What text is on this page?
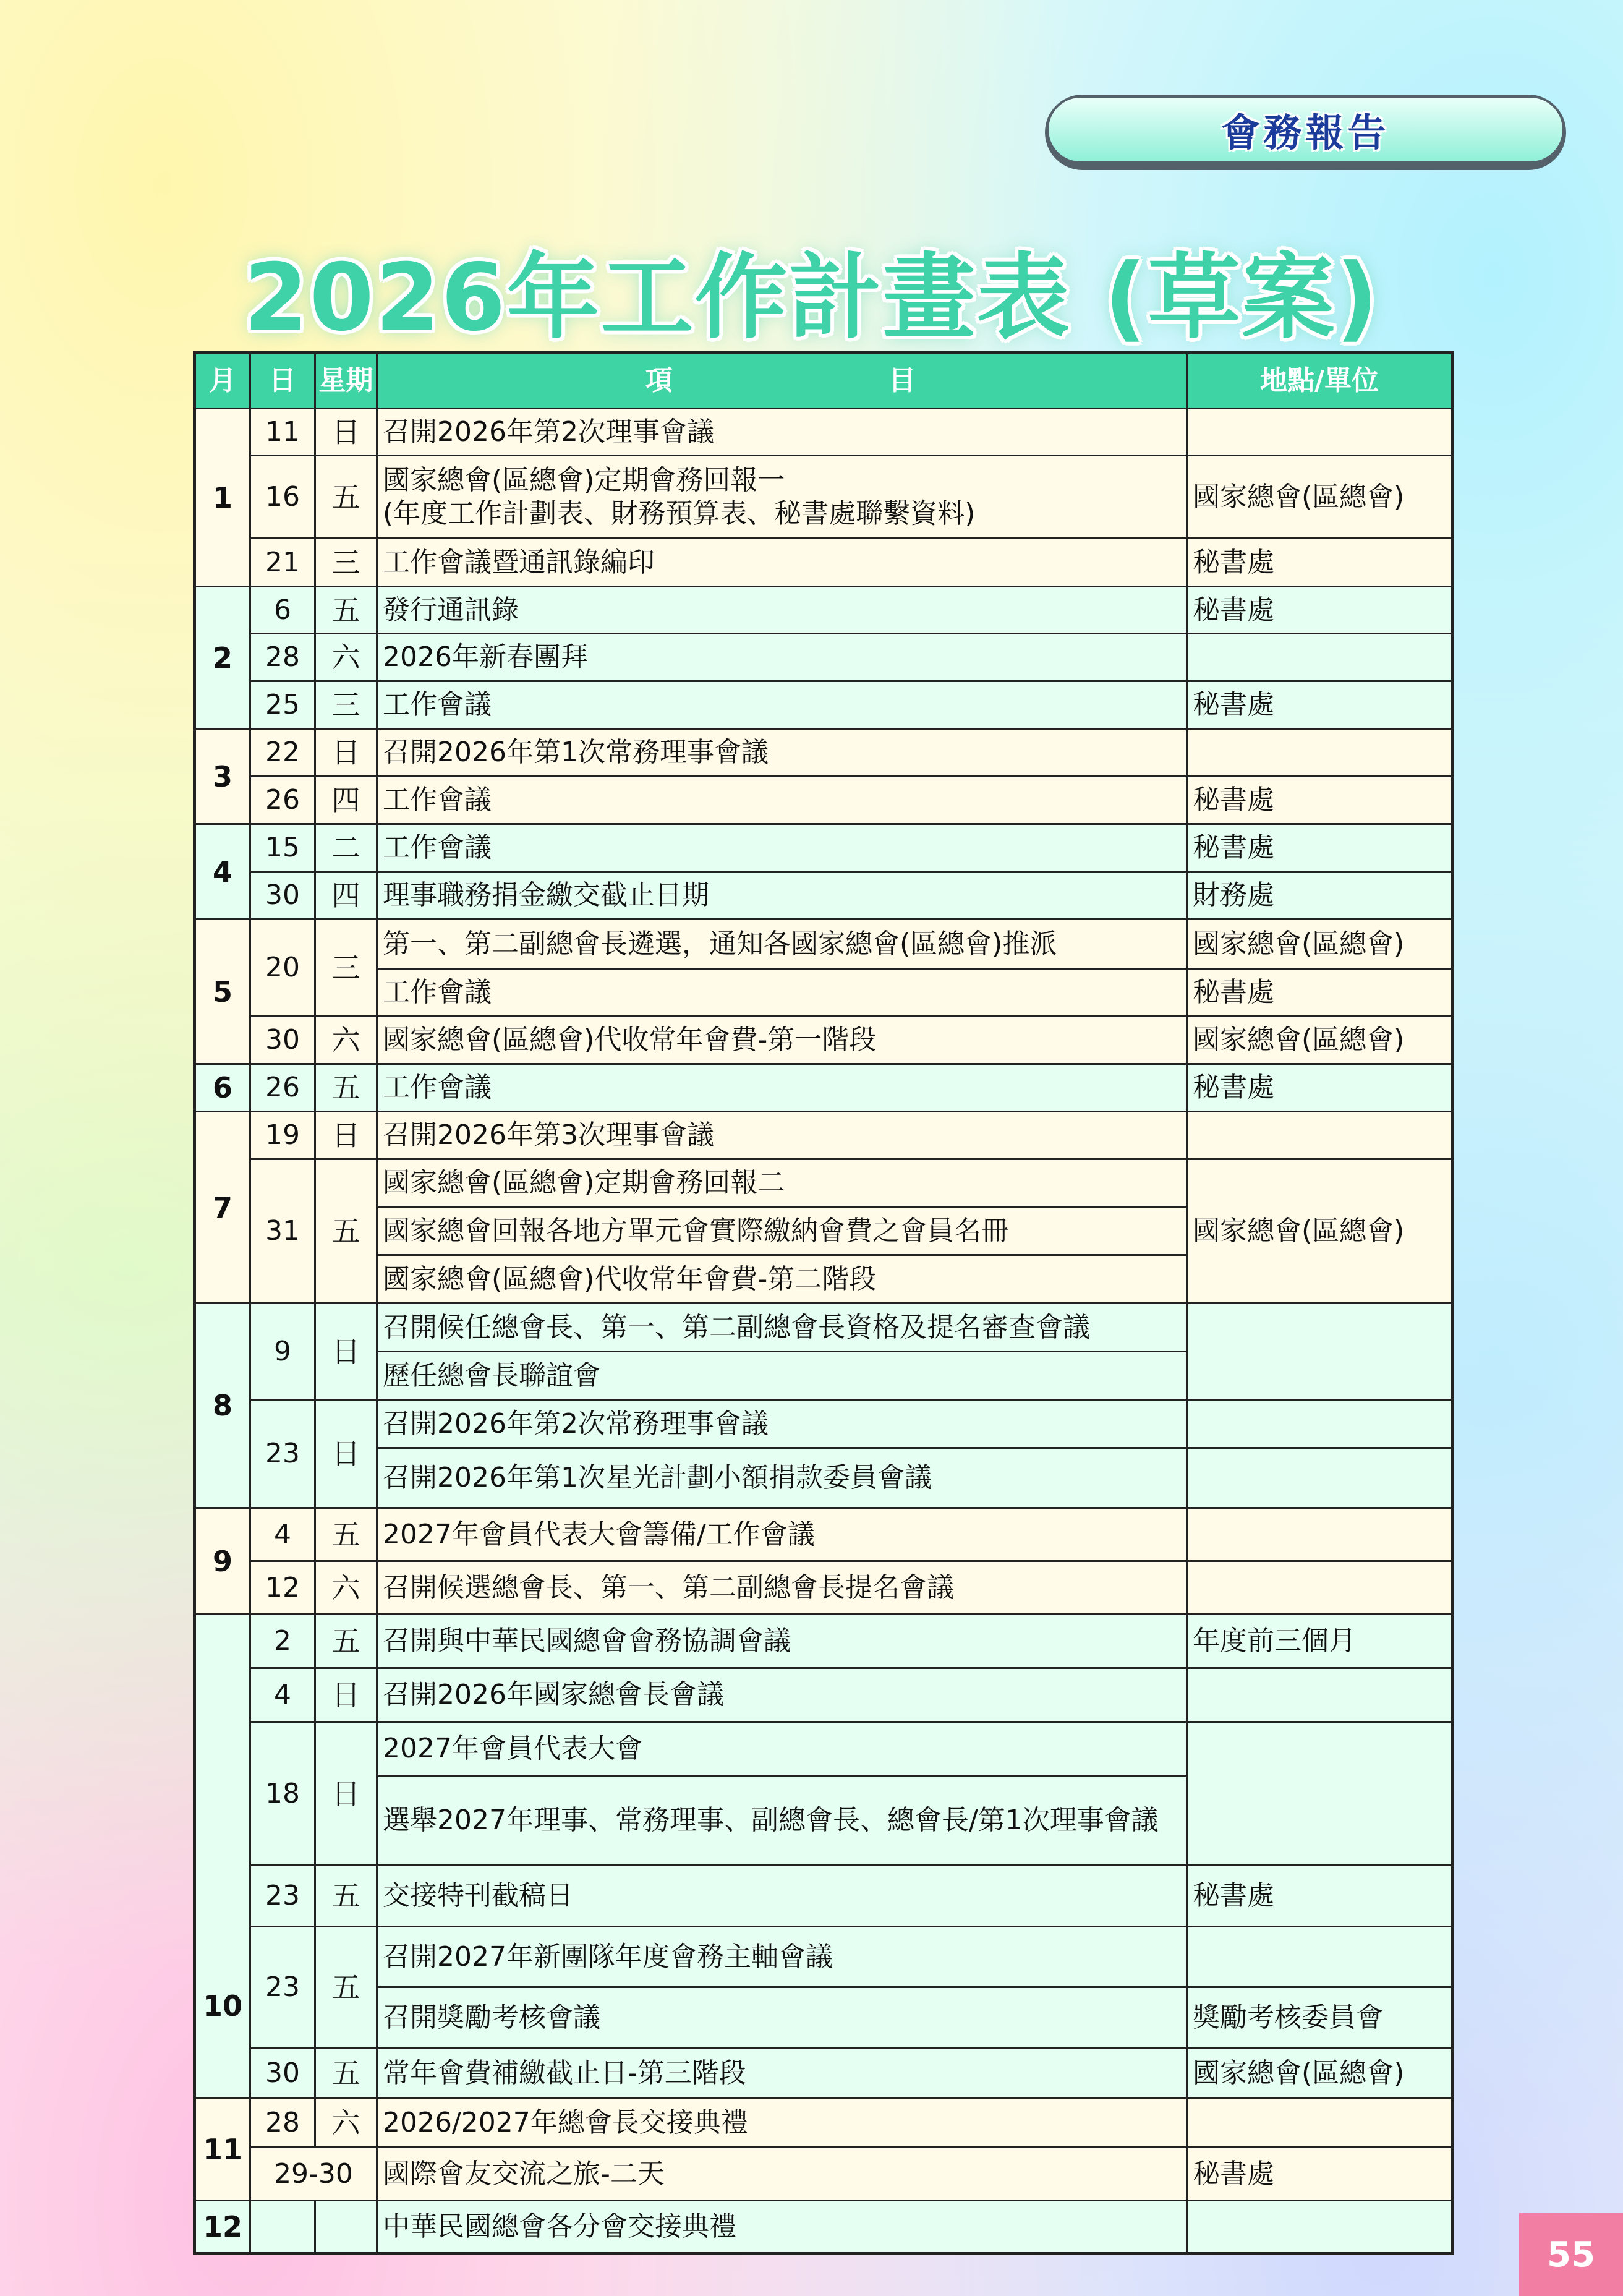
會務報告
2026年工作計畫表 (草案)
月	日	星期	項 目	地點/單位
1	11	日	召開2026年第2次理事會議	
	16	五	國家總會(區總會)定期會務回報一
(年度工作計劃表、財務預算表、秘書處聯繫資料)	國家總會(區總會)
	21	三	工作會議暨通訊錄編印	秘書處
2	6	五	發行通訊錄	秘書處
	28	六	2026年新春團拜	
	25	三	工作會議	秘書處
3	22	日	召開2026年第1次常務理事會議	
	26	四	工作會議	秘書處
4	15	二	工作會議	秘書處
	30	四	理事職務捐金繳交截止日期	財務處
5	20	三	第一、第二副總會長遴選，通知各國家總會(區總會)推派	國家總會(區總會)
			工作會議	秘書處
	30	六	國家總會(區總會)代收常年會費-第一階段	國家總會(區總會)
6	26	五	工作會議	秘書處
7	19	日	召開2026年第3次理事會議	
	31	五	國家總會(區總會)定期會務回報二	國家總會(區總會)
			國家總會回報各地方單元會實際繳納會費之會員名冊	
			國家總會(區總會)代收常年會費-第二階段	
8	9	日	召開候任總會長、第一、第二副總會長資格及提名審查會議	
			歷任總會長聯誼會	
	23	日	召開2026年第2次常務理事會議	
			召開2026年第1次星光計劃小額捐款委員會議	
9	4	五	2027年會員代表大會籌備/工作會議	
	12	六	召開候選總會長、第一、第二副總會長提名會議	
10	2	五	召開與中華民國總會會務協調會議	年度前三個月
	4	日	召開2026年國家總會長會議	
	18	日	2027年會員代表大會	
			選舉2027年理事、常務理事、副總會長、總會長/第1次理事會議	
	23	五	交接特刊截稿日	秘書處
	23	五	召開2027年新團隊年度會務主軸會議	
			召開獎勵考核會議	獎勵考核委員會
	30	五	常年會費補繳截止日-第三階段	國家總會(區總會)
11	28	六	2026/2027年總會長交接典禮	
	29-30		國際會友交流之旅-二天	秘書處
12			中華民國總會各分會交接典禮	
55
